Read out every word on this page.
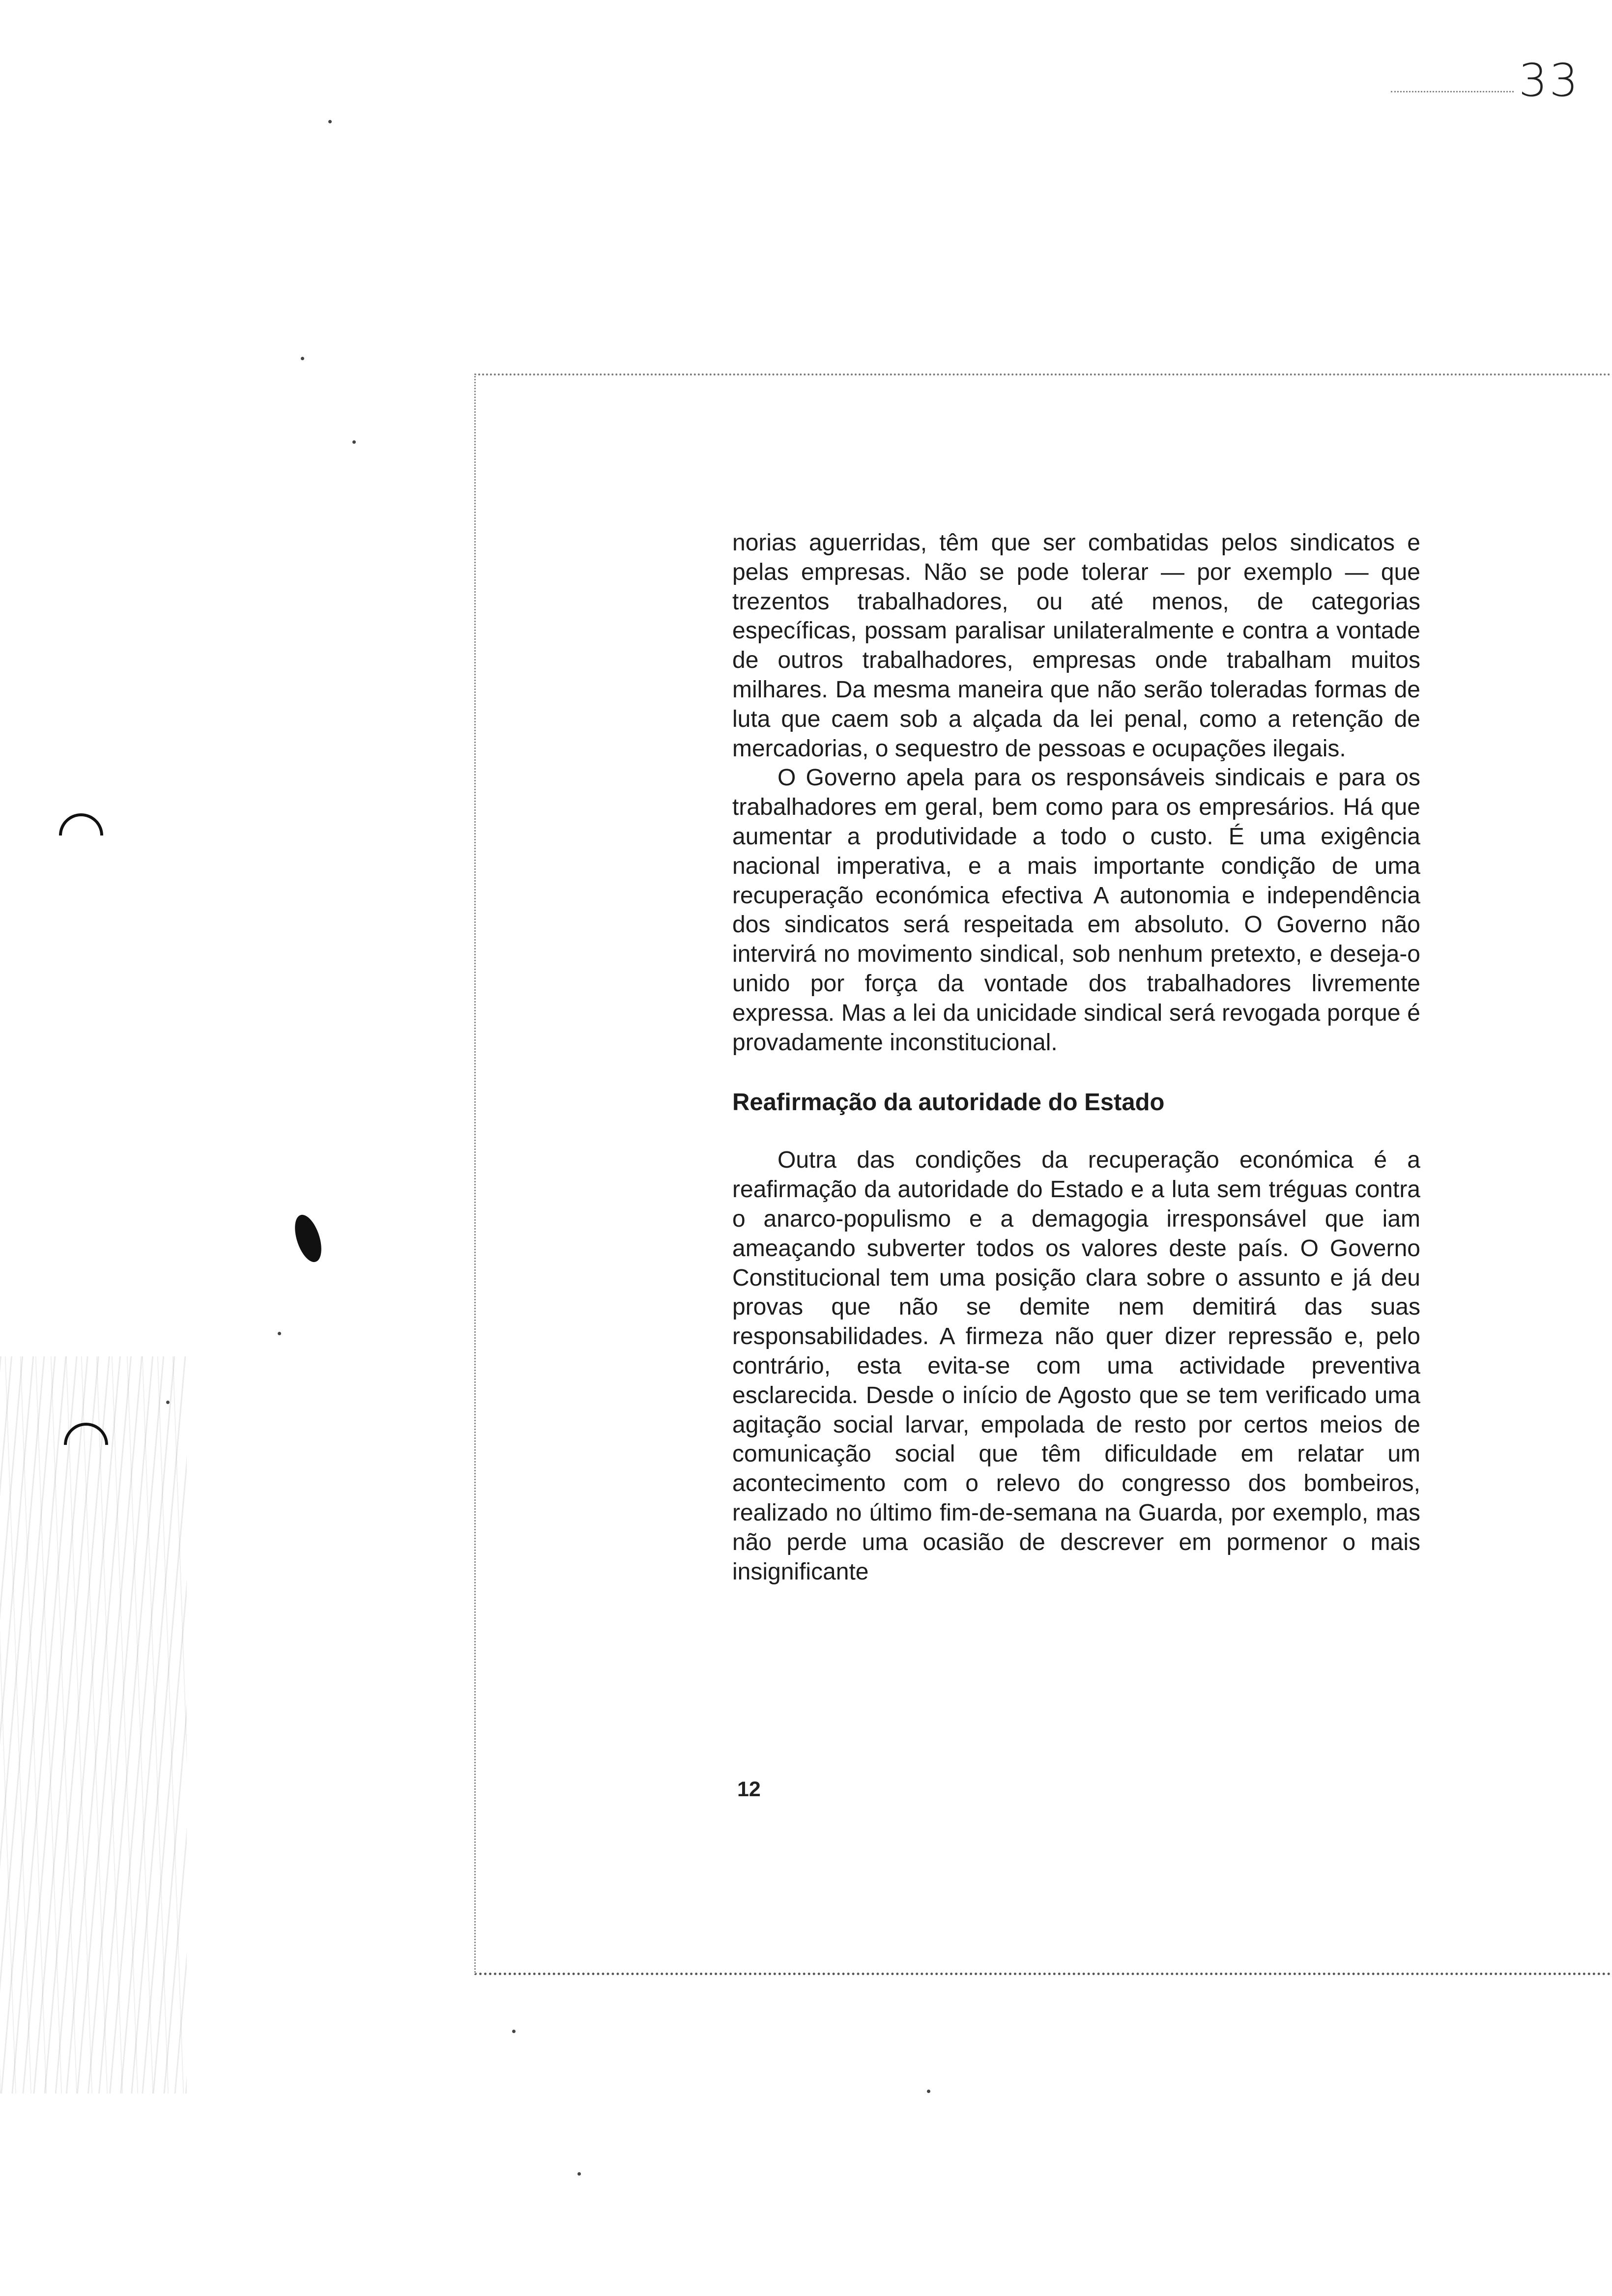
33

norias aguerridas, têm que ser combatidas pelos sindicatos e pelas empresas. Não se pode tolerar — por exemplo — que trezentos trabalhadores, ou até menos, de categorias específicas, possam paralisar unilateralmente e contra a vontade de outros trabalhadores, empresas onde trabalham muitos milhares. Da mesma maneira que não serão toleradas formas de luta que caem sob a alçada da lei penal, como a retenção de mercadorias, o sequestro de pessoas e ocupações ilegais.

O Governo apela para os responsáveis sindicais e para os trabalhadores em geral, bem como para os empresários. Há que aumentar a produtividade a todo o custo. É uma exigência nacional imperativa, e a mais importante condição de uma recuperação económica efectiva A autonomia e independência dos sindicatos será respeitada em absoluto. O Governo não intervirá no movimento sindical, sob nenhum pretexto, e deseja-o unido por força da vontade dos trabalhadores livremente expressa. Mas a lei da unicidade sindical será revogada porque é provadamente inconstitucional.

Reafirmação da autoridade do Estado

Outra das condições da recuperação económica é a reafirmação da autoridade do Estado e a luta sem tréguas contra o anarco-populismo e a demagogia irresponsável que iam ameaçando subverter todos os valores deste país. O Governo Constitucional tem uma posição clara sobre o assunto e já deu provas que não se demite nem demitirá das suas responsabilidades. A firmeza não quer dizer repressão e, pelo contrário, esta evita-se com uma actividade preventiva esclarecida. Desde o início de Agosto que se tem verificado uma agitação social larvar, empolada de resto por certos meios de comunicação social que têm dificuldade em relatar um acontecimento com o relevo do congresso dos bombeiros, realizado no último fim-de-semana na Guarda, por exemplo, mas não perde uma ocasião de descrever em pormenor o mais insignificante

12
